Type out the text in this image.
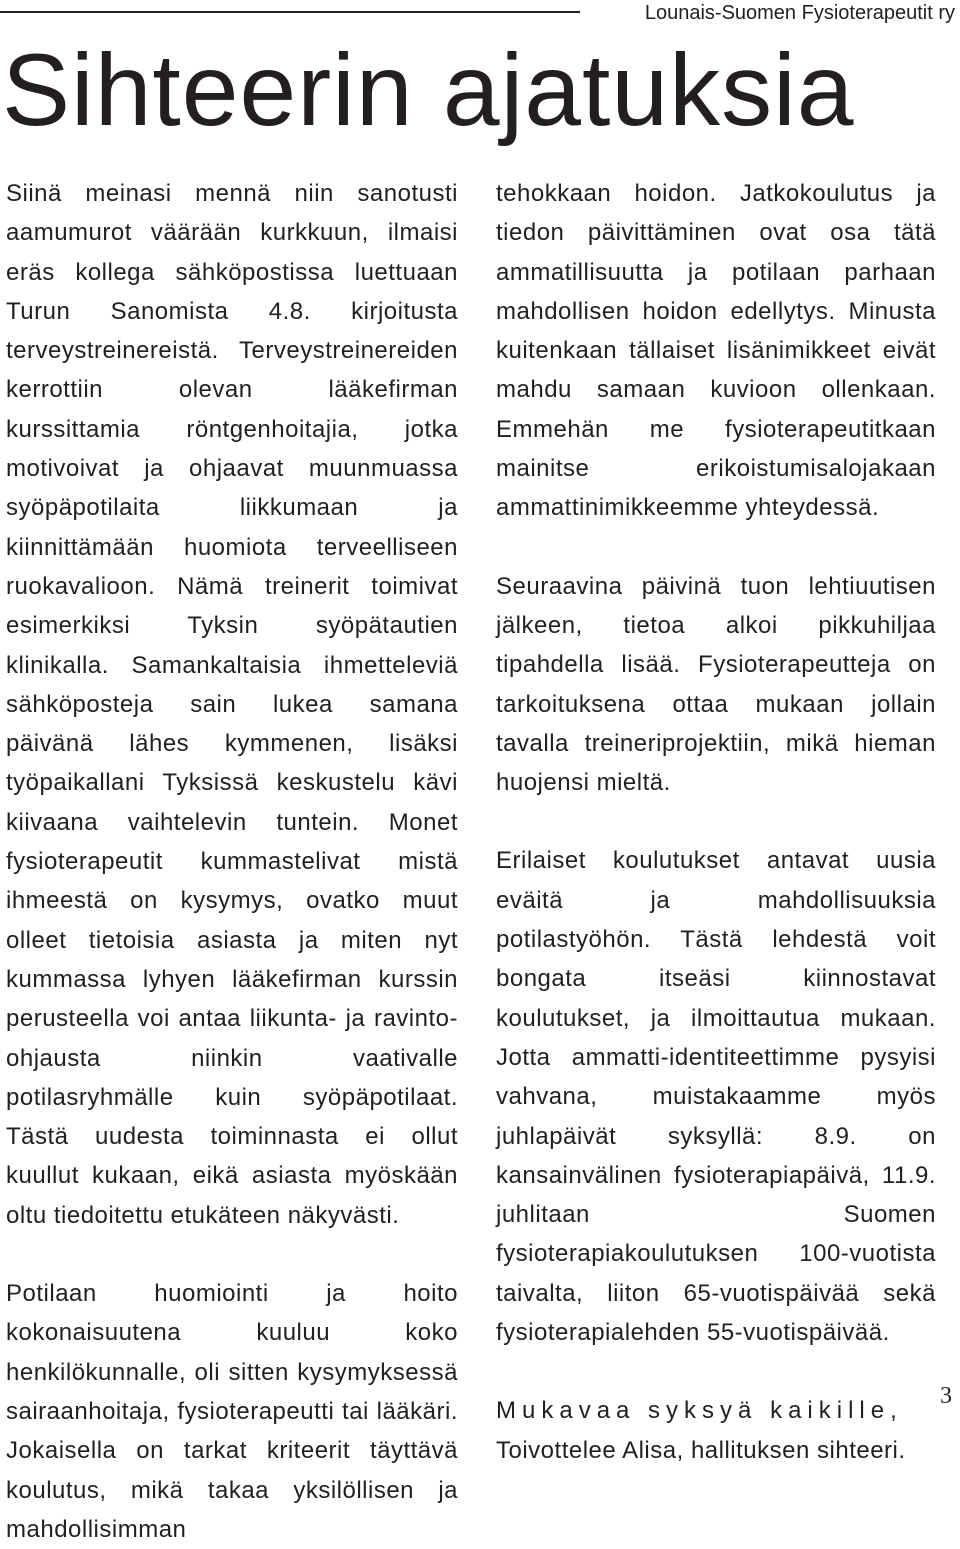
Lounais-Suomen Fysioterapeutit ry
Sihteerin ajatuksia

Siinä meinasi mennä niin sanotusti aamumurot väärään kurkkuun, ilmaisi eräs kollega sähköpostissa luettuaan Turun Sanomista 4.8. kirjoitusta terveystreinereistä. Terveystreinereiden kerrottiin olevan lääkefirman kurssittamia röntgenhoitajia, jotka motivoivat ja ohjaavat muunmuassa syöpäpotilaita liikkumaan ja kiinnittämään huomiota terveelliseen ruokavalioon. Nämä treinerit toimivat esimerkiksi Tyksin syöpätautien klinikalla. Samankaltaisia ihmetteleviä sähköposteja sain lukea samana päivänä lähes kymmenen, lisäksi työpaikallani Tyksissä keskustelu kävi kiivaana vaihtelevin tuntein. Monet fysioterapeutit kummastelivat mistä ihmeestä on kysymys, ovatko muut olleet tietoisia asiasta ja miten nyt kummassa lyhyen lääkefirman kurssin perusteella voi antaa liikunta- ja ravinto-ohjausta niinkin vaativalle potilasryhmälle kuin syöpäpotilaat. Tästä uudesta toiminnasta ei ollut kuullut kukaan, eikä asiasta myöskään oltu tiedoitettu etukäteen näkyvästi.

Potilaan huomiointi ja hoito kokonaisuutena kuuluu koko henkilökunnalle, oli sitten kysymyksessä sairaanhoitaja, fysioterapeutti tai lääkäri. Jokaisella on tarkat kriteerit täyttävä koulutus, mikä takaa yksilöllisen ja mahdollisimman

tehokkaan hoidon. Jatkokoulutus ja tiedon päivittäminen ovat osa tätä ammatillisuutta ja potilaan parhaan mahdollisen hoidon edellytys. Minusta kuitenkaan tällaiset lisänimikkeet eivät mahdu samaan kuvioon ollenkaan. Emmehän me fysioterapeutitkaan mainitse erikoistumisalojakaan ammattinimikkeemme yhteydessä.

Seuraavina päivinä tuon lehtiuutisen jälkeen, tietoa alkoi pikkuhiljaa tipahdella lisää. Fysioterapeutteja on tarkoituksena ottaa mukaan jollain tavalla treineriprojektiin, mikä hieman huojensi mieltä.

Erilaiset koulutukset antavat uusia eväitä ja mahdollisuuksia potilastyöhön. Tästä lehdestä voit bongata itseäsi kiinnostavat koulutukset, ja ilmoittautua mukaan. Jotta ammatti-identiteettimme pysyisi vahvana, muistakaamme myös juhlapäivät syksyllä: 8.9. on kansainvälinen fysioterapiapäivä, 11.9. juhlitaan Suomen fysioterapiakoulutuksen 100-vuotista taivalta, liiton 65-vuotispäivää sekä fysioterapialehden 55-vuotispäivää.

Mukavaa syksyä kaikille,

Toivottelee Alisa, hallituksen sihteeri.

3
